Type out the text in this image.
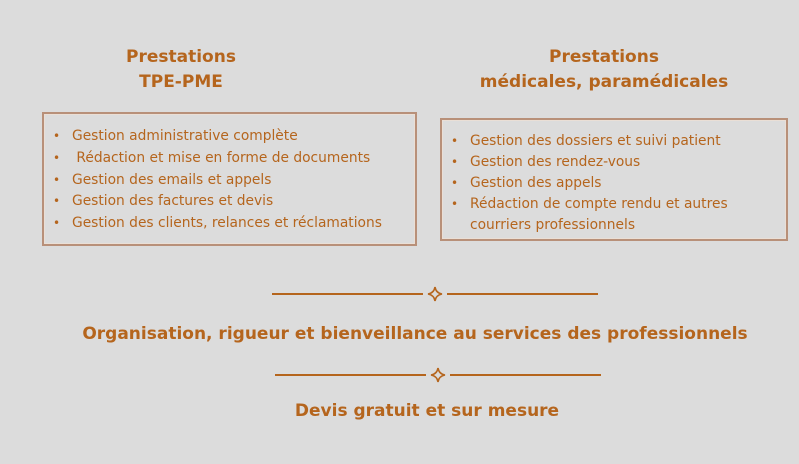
Prestations
TPE-PME
Prestations
médicales, paramédicales
• Gestion administrative complète
• Rédaction et mise en forme de documents
• Gestion des emails et appels
• Gestion des factures et devis
• Gestion des clients, relances et réclamations
• Gestion des dossiers et suivi patient
• Gestion des rendez-vous
• Gestion des appels
• Rédaction de compte rendu et autres
courriers professionnels
Organisation, rigueur et bienveillance au services des professionnels
Devis gratuit et sur mesure
